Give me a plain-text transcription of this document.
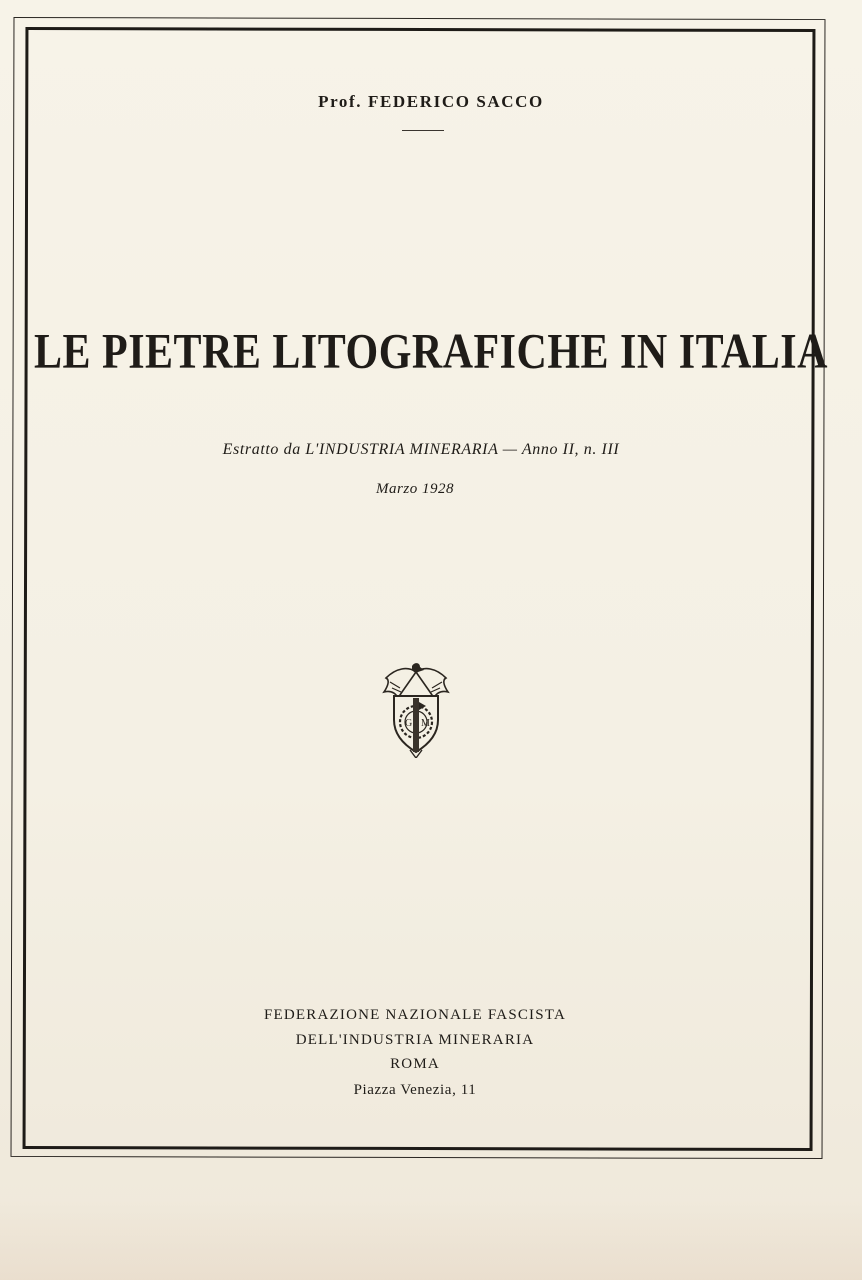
Prof. FEDERICO SACCO
LE PIETRE LITOGRAFICHE IN ITALIA
Estratto da L'INDUSTRIA MINERARIA — Anno II, n. III
Marzo 1928
G M
FEDERAZIONE NAZIONALE FASCISTA
DELL'INDUSTRIA MINERARIA
ROMA
Piazza Venezia, 11
